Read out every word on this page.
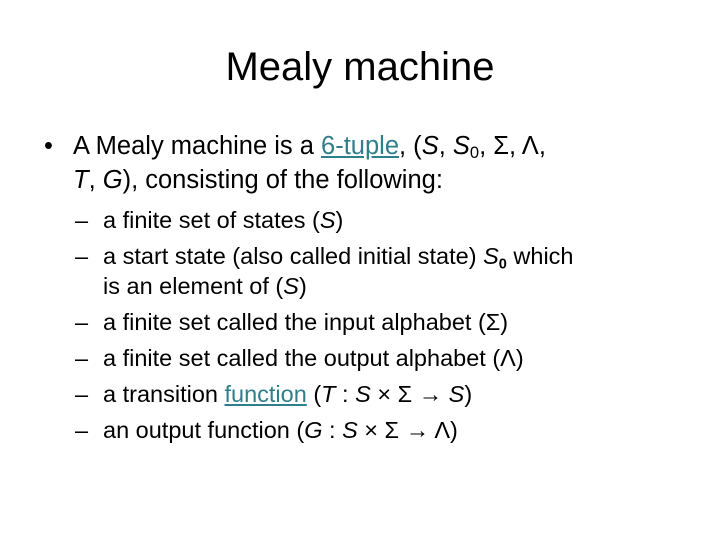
Mealy machine
• A Mealy machine is a 6-tuple, (S, $S_0$, Σ, Λ,
T, G), consisting of the following:
– a finite set of states (S)
– a start state (also called initial state) S0 which
is an element of (S)
– a finite set called the input alphabet (Σ)
– a finite set called the output alphabet (Λ)
– a transition function (T : S × Σ → S)
– an output function (G : S × Σ → Λ)
